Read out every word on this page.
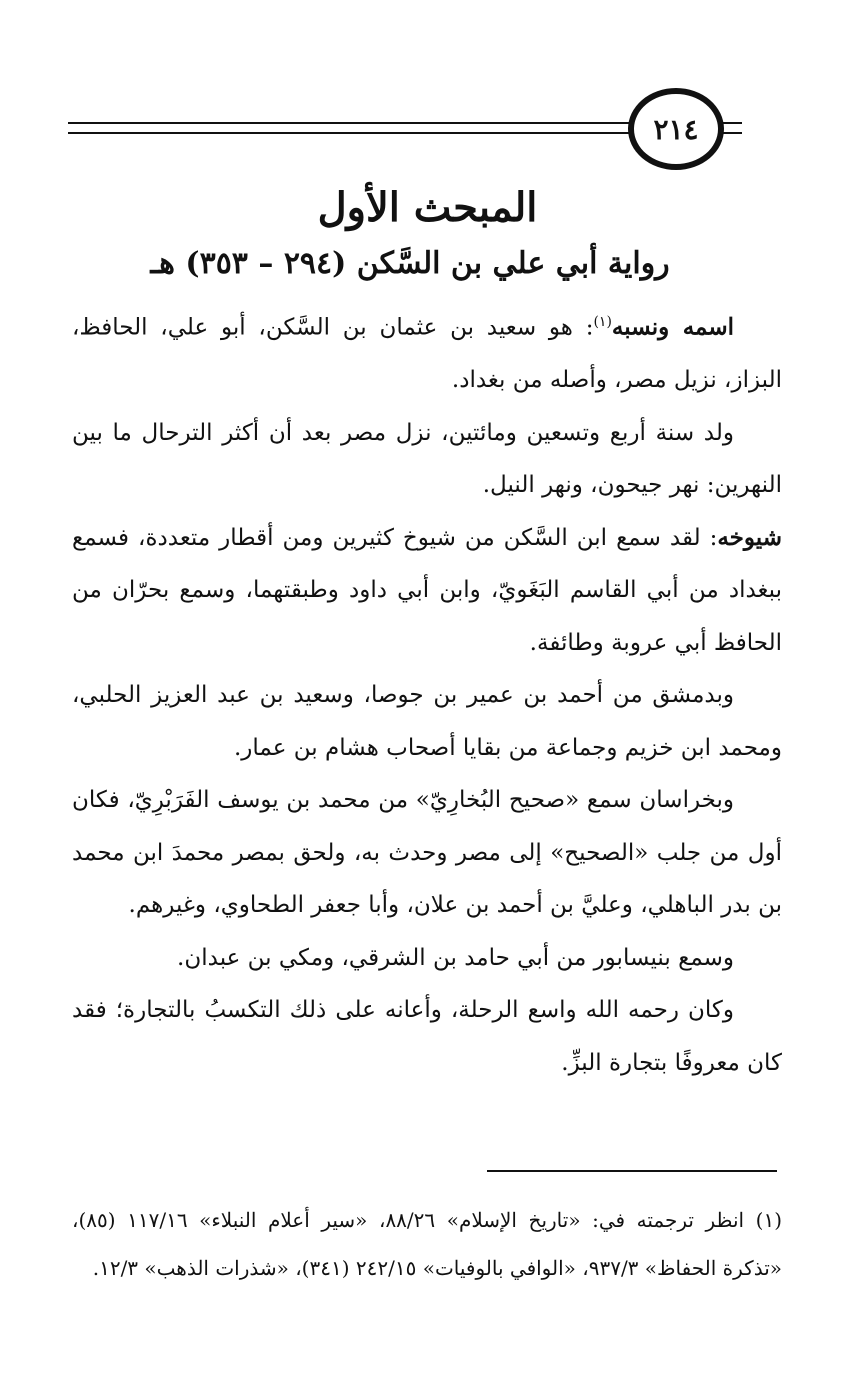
٢١٤
المبحث الأول
رواية أبي علي بن السَّكن (٢٩٤ – ٣٥٣) هـ

اسمه ونسبه$^{(١)}$: هو سعيد بن عثمان بن السَّكن، أبو علي، الحافظ، البزاز، نزيل مصر، وأصله من بغداد.

ولد سنة أربع وتسعين ومائتين، نزل مصر بعد أن أكثر الترحال ما بين النهرين: نهر جيحون، ونهر النيل.

شيوخه: لقد سمع ابن السَّكن من شيوخ كثيرين ومن أقطار متعددة، فسمع ببغداد من أبي القاسم البَغَويّ، وابن أبي داود وطبقتهما، وسمع بحرّان من الحافظ أبي عروبة وطائفة.

وبدمشق من أحمد بن عمير بن جوصا، وسعيد بن عبد العزيز الحلبي، ومحمد ابن خزيم وجماعة من بقايا أصحاب هشام بن عمار.

وبخراسان سمع «صحيح البُخارِيّ» من محمد بن يوسف الفَرَبْرِيّ، فكان أول من جلب «الصحيح» إلى مصر وحدث به، ولحق بمصر محمدَ ابن محمد بن بدر الباهلي، وعليَّ بن أحمد بن علان، وأبا جعفر الطحاوي، وغيرهم.

وسمع بنيسابور من أبي حامد بن الشرقي، ومكي بن عبدان.

وكان رحمه الله واسع الرحلة، وأعانه على ذلك التكسبُ بالتجارة؛ فقد كان معروفًا بتجارة البزِّ.

(١) انظر ترجمته في: «تاريخ الإسلام» ٨٨/٢٦، «سير أعلام النبلاء» ١١٧/١٦ (٨٥)، «تذكرة الحفاظ» ٩٣٧/٣، «الوافي بالوفيات» ٢٤٢/١٥ (٣٤١)، «شذرات الذهب» ١٢/٣.
